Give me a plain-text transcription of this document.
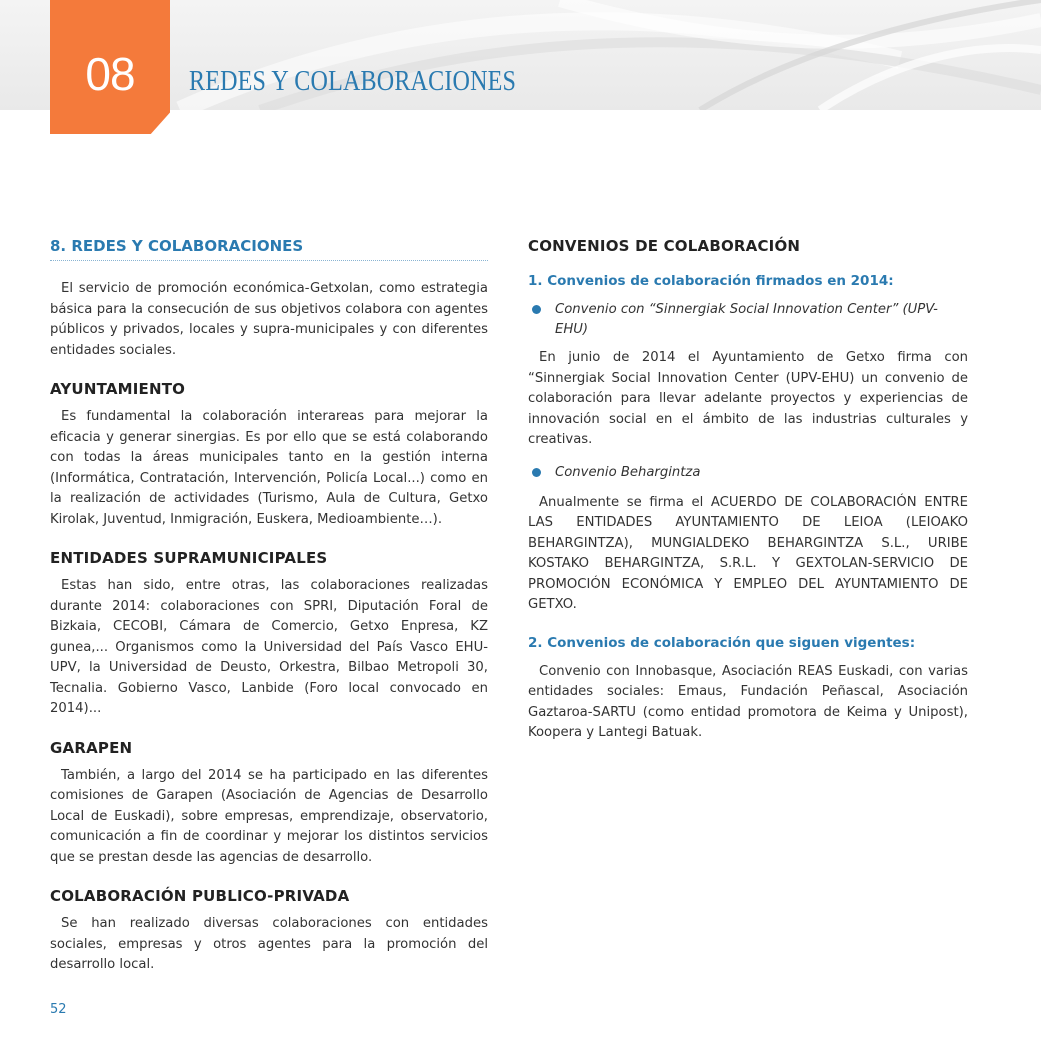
08	REDES Y COLABORACIONES
8. REDES Y COLABORACIONES

El servicio de promoción económica-Getxolan, como estrategia básica para la consecución de sus objetivos colabora con agentes públicos y privados, locales y supra-municipales y con diferentes entidades sociales.

AYUNTAMIENTO

Es fundamental la colaboración interareas para mejorar la eficacia y generar sinergias. Es por ello que se está colaborando con todas la áreas municipales tanto en la gestión interna (Informática, Contratación, Intervención, Policía Local...) como en la realización de actividades (Turismo, Aula de Cultura, Getxo Kirolak, Juventud, Inmigración, Euskera, Medioambiente…).

ENTIDADES SUPRAMUNICIPALES

Estas han sido, entre otras, las colaboraciones realizadas durante 2014: colaboraciones con SPRI, Diputación Foral de Bizkaia, CECOBI, Cámara de Comercio, Getxo Enpresa, KZ gunea,... Organismos como la Universidad del País Vasco EHU-UPV, la Universidad de Deusto, Orkestra, Bilbao Metropoli 30, Tecnalia. Gobierno Vasco, Lanbide (Foro local convocado en 2014)...

GARAPEN

También, a largo del 2014 se ha participado en las diferentes comisiones de Garapen (Asociación de Agencias de Desarrollo Local de Euskadi), sobre empresas, emprendizaje, observatorio, comunicación a fin de coordinar y mejorar los distintos servicios que se prestan desde las agencias de desarrollo.

COLABORACIÓN PUBLICO-PRIVADA

Se han realizado diversas colaboraciones con entidades sociales, empresas y otros agentes para la promoción del desarrollo local.

CONVENIOS DE COLABORACIÓN
1. Convenios de colaboración firmados en 2014:
Convenio con “Sinnergiak Social Innovation Center” (UPV-EHU)

En junio de 2014 el Ayuntamiento de Getxo firma con “Sinnergiak Social Innovation Center (UPV-EHU) un convenio de colaboración para llevar adelante proyectos y experiencias de innovación social en el ámbito de las industrias culturales y creativas.

Convenio Behargintza

Anualmente se firma el ACUERDO DE COLABORACIÓN ENTRE LAS ENTIDADES AYUNTAMIENTO DE LEIOA (LEIOAKO BEHARGINTZA), MUNGIALDEKO BEHARGINTZA S.L., URIBE KOSTAKO BEHARGINTZA, S.R.L. Y GEXTOLAN-SERVICIO DE PROMOCIÓN ECONÓMICA Y EMPLEO DEL AYUNTAMIENTO DE GETXO.

2. Convenios de colaboración que siguen vigentes:

Convenio con Innobasque, Asociación REAS Euskadi, con varias entidades sociales: Emaus, Fundación Peñascal, Asociación Gaztaroa-SARTU (como entidad promotora de Keima y Unipost), Koopera y Lantegi Batuak.

52
